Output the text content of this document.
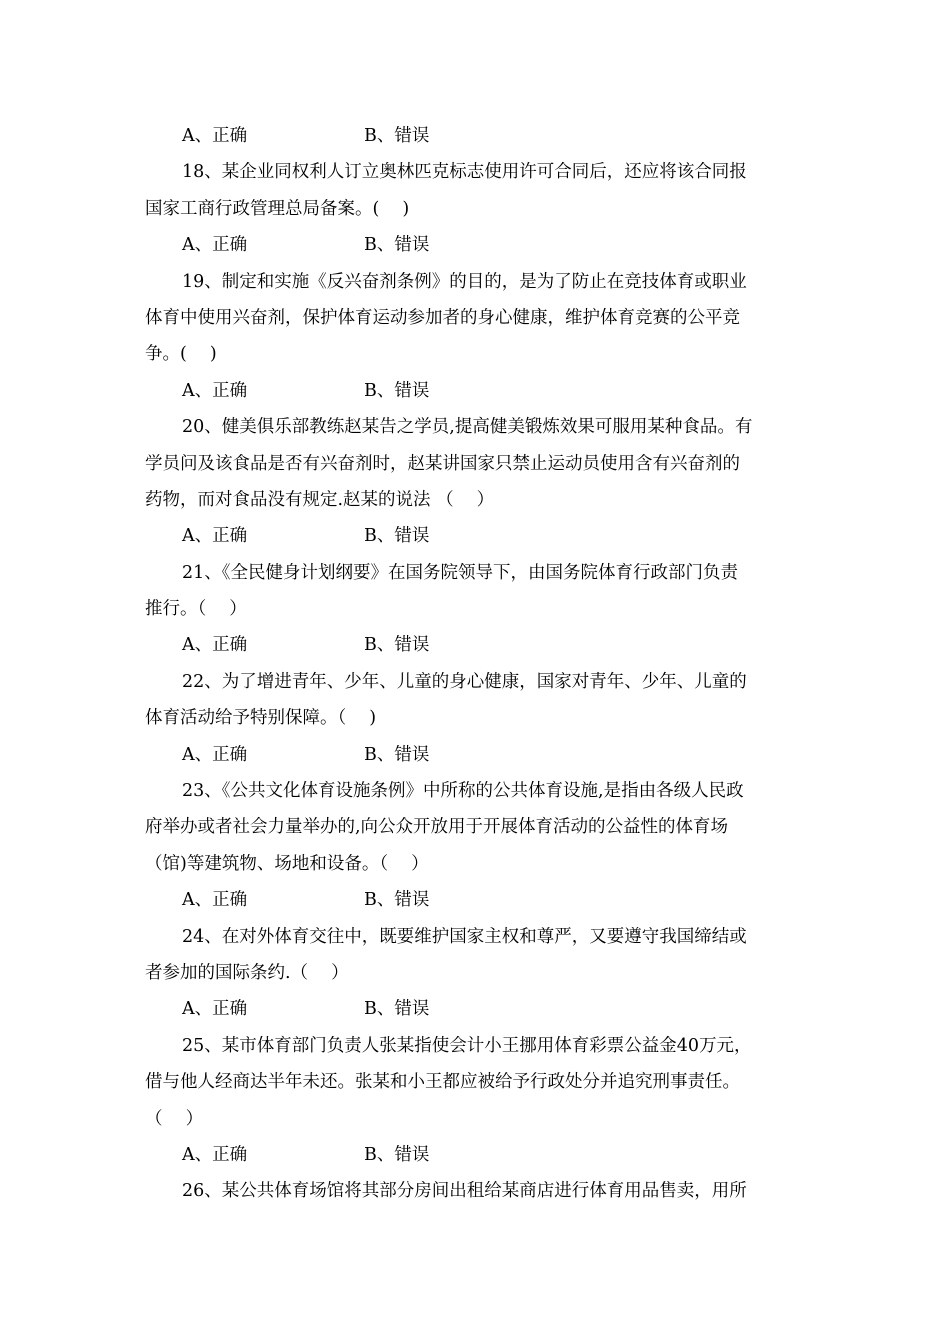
A、正确	B、错误
18、某企业同权利人订立奥林匹克标志使用许可合同后，还应将该合同报
国家工商行政管理总局备案。(　 )
A、正确	B、错误
19、制定和实施《反兴奋剂条例》的目的，是为了防止在竞技体育或职业
体育中使用兴奋剂，保护体育运动参加者的身心健康，维护体育竞赛的公平竞
争。(　 )
A、正确	B、错误
20、健美俱乐部教练赵某告之学员,提高健美锻炼效果可服用某种食品。有
学员问及该食品是否有兴奋剂时，赵某讲国家只禁止运动员使用含有兴奋剂的
药物，而对食品没有规定.赵某的说法 （　 ）
A、正确	B、错误
21、《全民健身计划纲要》在国务院领导下，由国务院体育行政部门负责
推行。（　 ）
A、正确	B、错误
22、为了增进青年、少年、儿童的身心健康，国家对青年、少年、儿童的
体育活动给予特别保障。（　 )
A、正确	B、错误
23、《公共文化体育设施条例》中所称的公共体育设施,是指由各级人民政
府举办或者社会力量举办的,向公众开放用于开展体育活动的公益性的体育场
（馆)等建筑物、场地和设备。（　 ）
A、正确	B、错误
24、在对外体育交往中，既要维护国家主权和尊严，又要遵守我国缔结或
者参加的国际条约.（　 ）
A、正确	B、错误
25、某市体育部门负责人张某指使会计小王挪用体育彩票公益金40万元，
借与他人经商达半年未还。张某和小王都应被给予行政处分并追究刑事责任。
（　 ）
A、正确	B、错误
26、某公共体育场馆将其部分房间出租给某商店进行体育用品售卖，用所
